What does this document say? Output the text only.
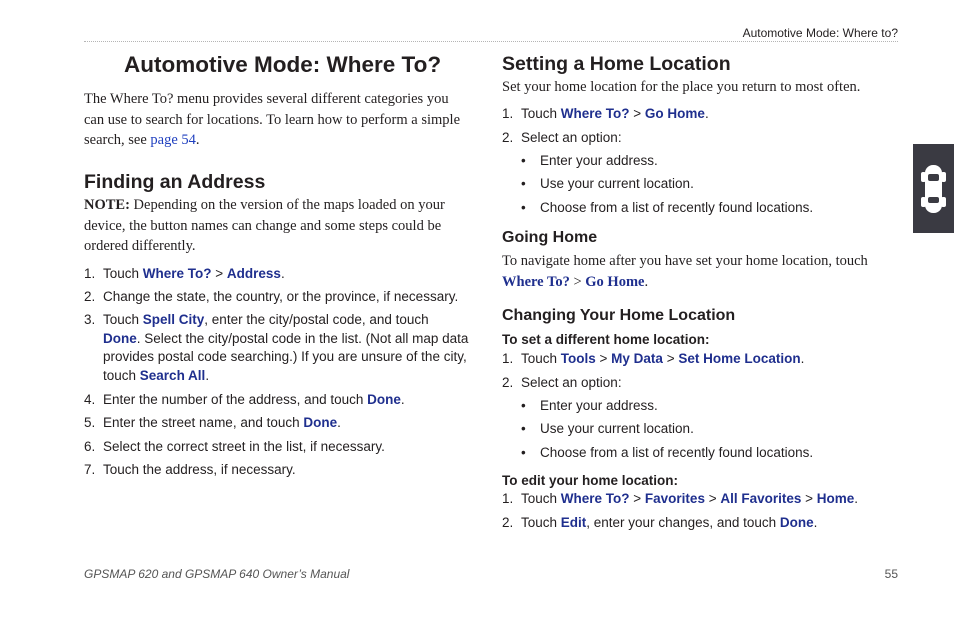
Automotive Mode: Where to?
Automotive Mode: Where To?

The Where To? menu provides several different categories you can use to search for locations. To learn how to perform a simple search, see page 54.

Finding an Address

NOTE: Depending on the version of the maps loaded on your device, the button names can change and some steps could be ordered differently.

1. Touch Where To? > Address.
2. Change the state, the country, or the province, if necessary.
3. Touch Spell City, enter the city/postal code, and touch Done. Select the city/postal code in the list. (Not all map data provides postal code searching.) If you are unsure of the city, touch Search All.
4. Enter the number of the address, and touch Done.
5. Enter the street name, and touch Done.
6. Select the correct street in the list, if necessary.
7. Touch the address, if necessary.
Setting a Home Location

Set your home location for the place you return to most often.

1. Touch Where To? > Go Home.
2. Select an option:
• Enter your address.
• Use your current location.
• Choose from a list of recently found locations.
Going Home

To navigate home after you have set your home location, touch Where To? > Go Home.

Changing Your Home Location
To set a different home location:
1. Touch Tools > My Data > Set Home Location.
2. Select an option:
• Enter your address.
• Use your current location.
• Choose from a list of recently found locations.
To edit your home location:
1. Touch Where To? > Favorites > All Favorites > Home.
2. Touch Edit, enter your changes, and touch Done.
GPSMAP 620 and GPSMAP 640 Owner’s Manual	55
